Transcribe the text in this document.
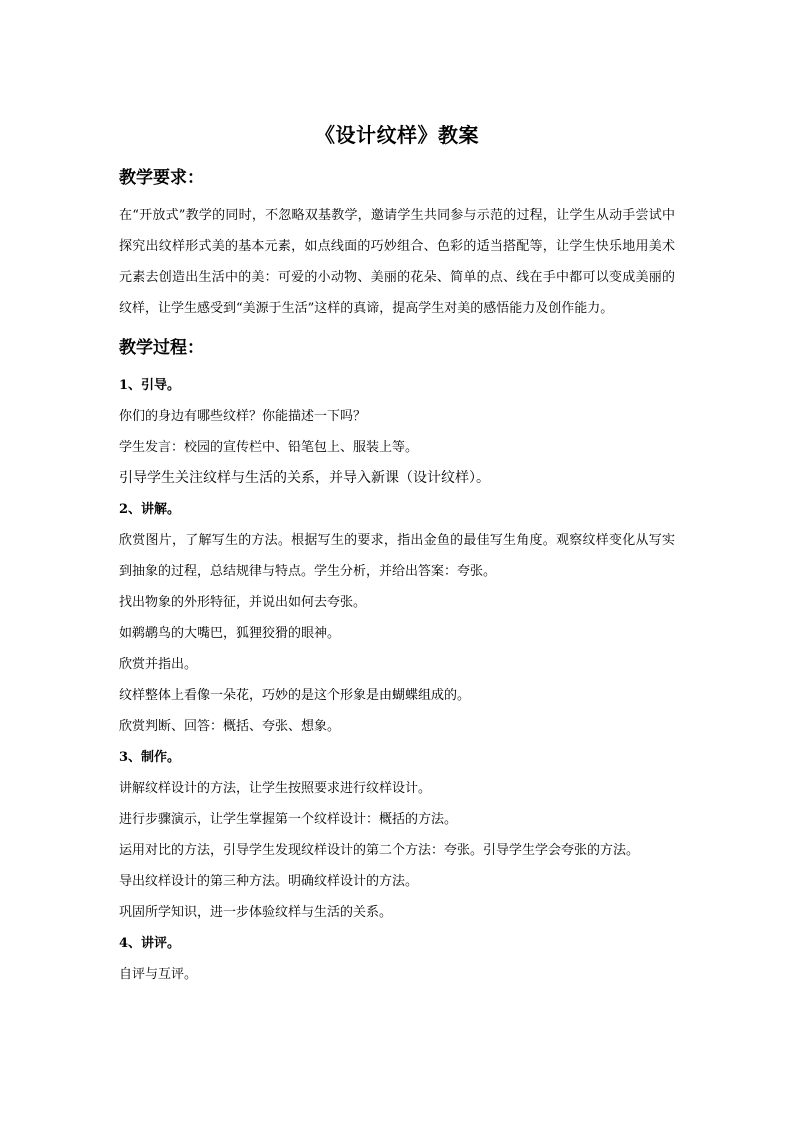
《设计纹样》教案
教学要求：

在“开放式”教学的同时，不忽略双基教学，邀请学生共同参与示范的过程，让学生从动手尝试中探究出纹样形式美的基本元素，如点线面的巧妙组合、色彩的适当搭配等，让学生快乐地用美术元素去创造出生活中的美：可爱的小动物、美丽的花朵、简单的点、线在手中都可以变成美丽的纹样，让学生感受到“美源于生活”这样的真谛，提高学生对美的感悟能力及创作能力。

教学过程：
1、引导。
你们的身边有哪些纹样？你能描述一下吗？
学生发言：校园的宣传栏中、铅笔包上、服装上等。
引导学生关注纹样与生活的关系，并导入新课（设计纹样）。
2、讲解。

欣赏图片，了解写生的方法。根据写生的要求，指出金鱼的最佳写生角度。观察纹样变化从写实到抽象的过程，总结规律与特点。学生分析，并给出答案：夸张。

找出物象的外形特征，并说出如何去夸张。
如鹈鹕鸟的大嘴巴，狐狸狡猾的眼神。
欣赏并指出。
纹样整体上看像一朵花，巧妙的是这个形象是由蝴蝶组成的。
欣赏判断、回答：概括、夸张、想象。
3、制作。
讲解纹样设计的方法，让学生按照要求进行纹样设计。
进行步骤演示，让学生掌握第一个纹样设计：概括的方法。
运用对比的方法，引导学生发现纹样设计的第二个方法：夸张。引导学生学会夸张的方法。
导出纹样设计的第三种方法。明确纹样设计的方法。
巩固所学知识，进一步体验纹样与生活的关系。
4、讲评。
自评与互评。
